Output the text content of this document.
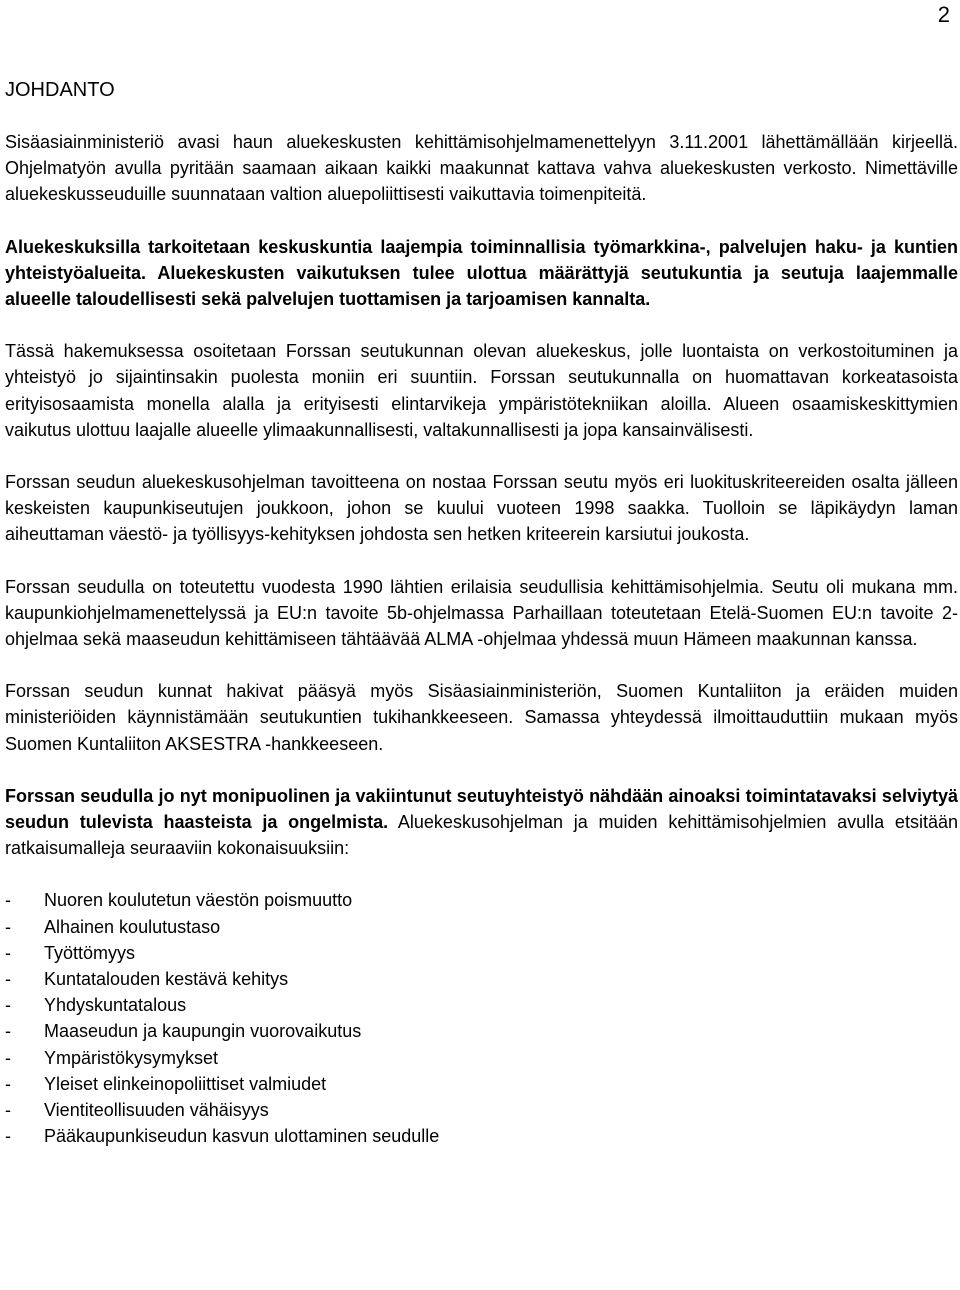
2
JOHDANTO

Sisäasiainministeriö avasi haun aluekeskusten kehittämisohjelmamenettelyyn 3.11.2001 lähettämällään kirjeellä. Ohjelmatyön avulla pyritään saamaan aikaan kaikki maakunnat kattava vahva aluekeskusten verkosto. Nimettäville aluekeskusseuduille suunnataan valtion aluepoliittisesti vaikuttavia toimenpiteitä.

Aluekeskuksilla tarkoitetaan keskuskuntia laajempia toiminnallisia työmarkkina-, palvelujen haku- ja kuntien yhteistyöalueita. Aluekeskusten vaikutuksen tulee ulottua määrättyjä seutukuntia ja seutuja laajemmalle alueelle taloudellisesti sekä palvelujen tuottamisen ja tarjoamisen kannalta.

Tässä hakemuksessa osoitetaan Forssan seutukunnan olevan aluekeskus, jolle luontaista on verkostoituminen ja yhteistyö jo sijaintinsakin puolesta moniin eri suuntiin. Forssan seutukunnalla on huomattavan korkeatasoista erityisosaamista monella alalla ja erityisesti elintarvikeja ympäristötekniikan aloilla. Alueen osaamiskeskittymien vaikutus ulottuu laajalle alueelle ylimaakunnallisesti, valtakunnallisesti ja jopa kansainvälisesti.

Forssan seudun aluekeskusohjelman tavoitteena on nostaa Forssan seutu myös eri luokituskriteereiden osalta jälleen keskeisten kaupunkiseutujen joukkoon, johon se kuului vuoteen 1998 saakka. Tuolloin se läpikäydyn laman aiheuttaman väestö- ja työllisyys-kehityksen johdosta sen hetken kriteerein karsiutui joukosta.

Forssan seudulla on toteutettu vuodesta 1990 lähtien erilaisia seudullisia kehittämisohjelmia. Seutu oli mukana mm. kaupunkiohjelmamenettelyssä ja EU:n tavoite 5b-ohjelmassa Parhaillaan toteutetaan Etelä-Suomen EU:n tavoite 2-ohjelmaa sekä maaseudun kehittämiseen tähtäävää ALMA -ohjelmaa yhdessä muun Hämeen maakunnan kanssa.

Forssan seudun kunnat hakivat pääsyä myös Sisäasiainministeriön, Suomen Kuntaliiton ja eräiden muiden ministeriöiden käynnistämään seutukuntien tukihankkeeseen. Samassa yhteydessä ilmoittauduttiin mukaan myös Suomen Kuntaliiton AKSESTRA -hankkeeseen.

Forssan seudulla jo nyt monipuolinen ja vakiintunut seutuyhteistyö nähdään ainoaksi toimintatavaksi selviytyä seudun tulevista haasteista ja ongelmista. Aluekeskusohjelman ja muiden kehittämisohjelmien avulla etsitään ratkaisumalleja seuraaviin kokonaisuuksiin:

- Nuoren koulutetun väestön poismuutto
- Alhainen koulutustaso
- Työttömyys
- Kuntatalouden kestävä kehitys
- Yhdyskuntatalous
- Maaseudun ja kaupungin vuorovaikutus
- Ympäristökysymykset
- Yleiset elinkeinopoliittiset valmiudet
- Vientiteollisuuden vähäisyys
- Pääkaupunkiseudun kasvun ulottaminen seudulle
